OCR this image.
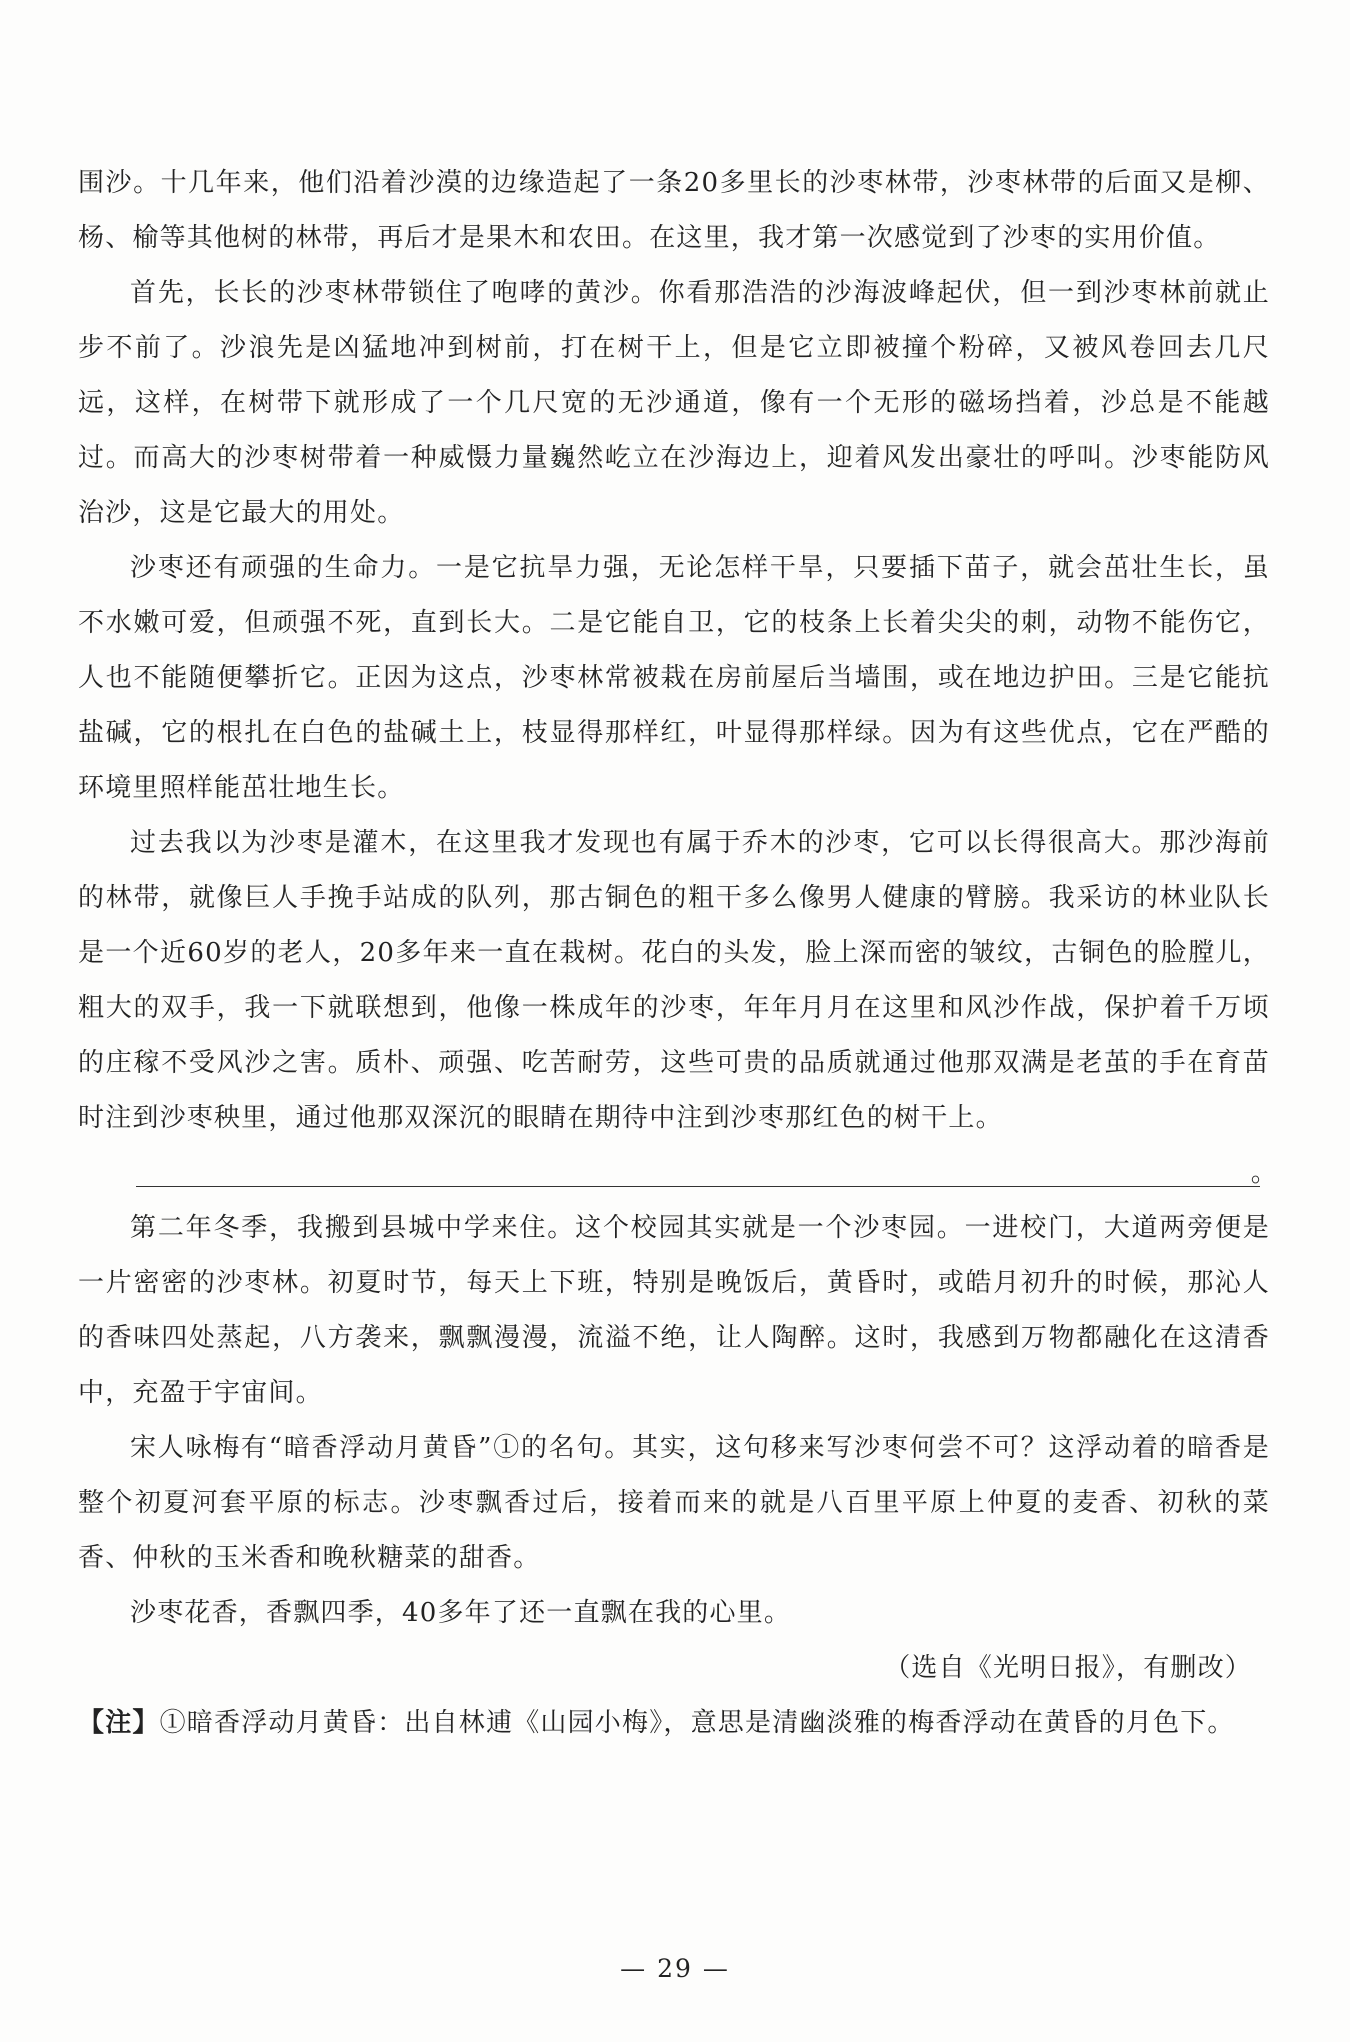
围沙。十几年来，他们沿着沙漠的边缘造起了一条20多里长的沙枣林带，沙枣林带的后面又是柳、杨、榆等其他树的林带，再后才是果木和农田。在这里，我才第一次感觉到了沙枣的实用价值。

首先，长长的沙枣林带锁住了咆哮的黄沙。你看那浩浩的沙海波峰起伏，但一到沙枣林前就止步不前了。沙浪先是凶猛地冲到树前，打在树干上，但是它立即被撞个粉碎，又被风卷回去几尺远，这样，在树带下就形成了一个几尺宽的无沙通道，像有一个无形的磁场挡着，沙总是不能越过。而高大的沙枣树带着一种威慑力量巍然屹立在沙海边上，迎着风发出豪壮的呼叫。沙枣能防风治沙，这是它最大的用处。

沙枣还有顽强的生命力。一是它抗旱力强，无论怎样干旱，只要插下苗子，就会茁壮生长，虽不水嫩可爱，但顽强不死，直到长大。二是它能自卫，它的枝条上长着尖尖的刺，动物不能伤它，人也不能随便攀折它。正因为这点，沙枣林常被栽在房前屋后当墙围，或在地边护田。三是它能抗盐碱，它的根扎在白色的盐碱土上，枝显得那样红，叶显得那样绿。因为有这些优点，它在严酷的环境里照样能茁壮地生长。

过去我以为沙枣是灌木，在这里我才发现也有属于乔木的沙枣，它可以长得很高大。那沙海前的林带，就像巨人手挽手站成的队列，那古铜色的粗干多么像男人健康的臂膀。我采访的林业队长是一个近60岁的老人，20多年来一直在栽树。花白的头发，脸上深而密的皱纹，古铜色的脸膛儿，粗大的双手，我一下就联想到，他像一株成年的沙枣，年年月月在这里和风沙作战，保护着千万顷的庄稼不受风沙之害。质朴、顽强、吃苦耐劳，这些可贵的品质就通过他那双满是老茧的手在育苗时注到沙枣秧里，通过他那双深沉的眼睛在期待中注到沙枣那红色的树干上。

。

第二年冬季，我搬到县城中学来住。这个校园其实就是一个沙枣园。一进校门，大道两旁便是一片密密的沙枣林。初夏时节，每天上下班，特别是晚饭后，黄昏时，或皓月初升的时候，那沁人的香味四处蒸起，八方袭来，飘飘漫漫，流溢不绝，让人陶醉。这时，我感到万物都融化在这清香中，充盈于宇宙间。

宋人咏梅有“暗香浮动月黄昏”①的名句。其实，这句移来写沙枣何尝不可？这浮动着的暗香是整个初夏河套平原的标志。沙枣飘香过后，接着而来的就是八百里平原上仲夏的麦香、初秋的菜香、仲秋的玉米香和晚秋糖菜的甜香。

沙枣花香，香飘四季，40多年了还一直飘在我的心里。

（选自《光明日报》，有删改）

【注】①暗香浮动月黄昏：出自林逋《山园小梅》，意思是清幽淡雅的梅香浮动在黄昏的月色下。

— 29 —
